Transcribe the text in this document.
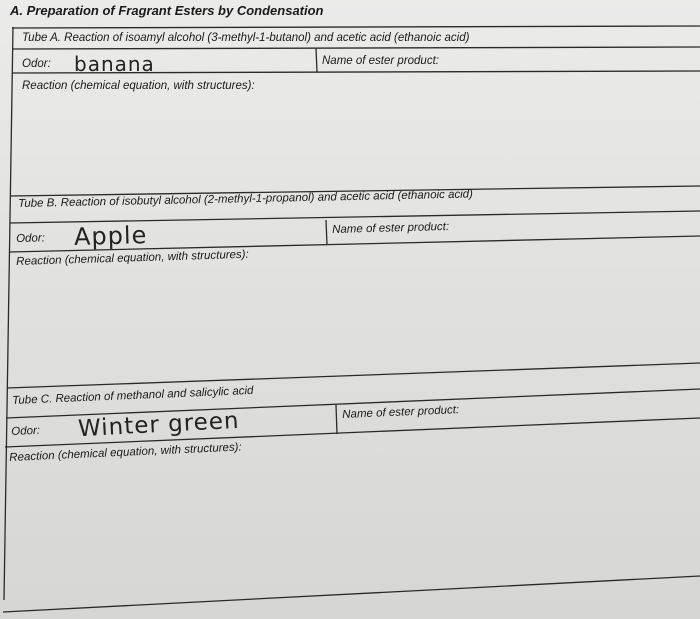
A. Preparation of Fragrant Esters by Condensation
Tube A. Reaction of isoamyl alcohol (3-methyl-1-butanol) and acetic acid (ethanoic acid)
Odor: banana	Name of ester product:
Reaction (chemical equation, with structures):
Tube B. Reaction of isobutyl alcohol (2-methyl-1-propanol) and acetic acid (ethanoic acid)
Odor: Apple	Name of ester product:
Reaction (chemical equation, with structures):
Tube C. Reaction of methanol and salicylic acid
Odor: Winter green	Name of ester product:
Reaction (chemical equation, with structures):
